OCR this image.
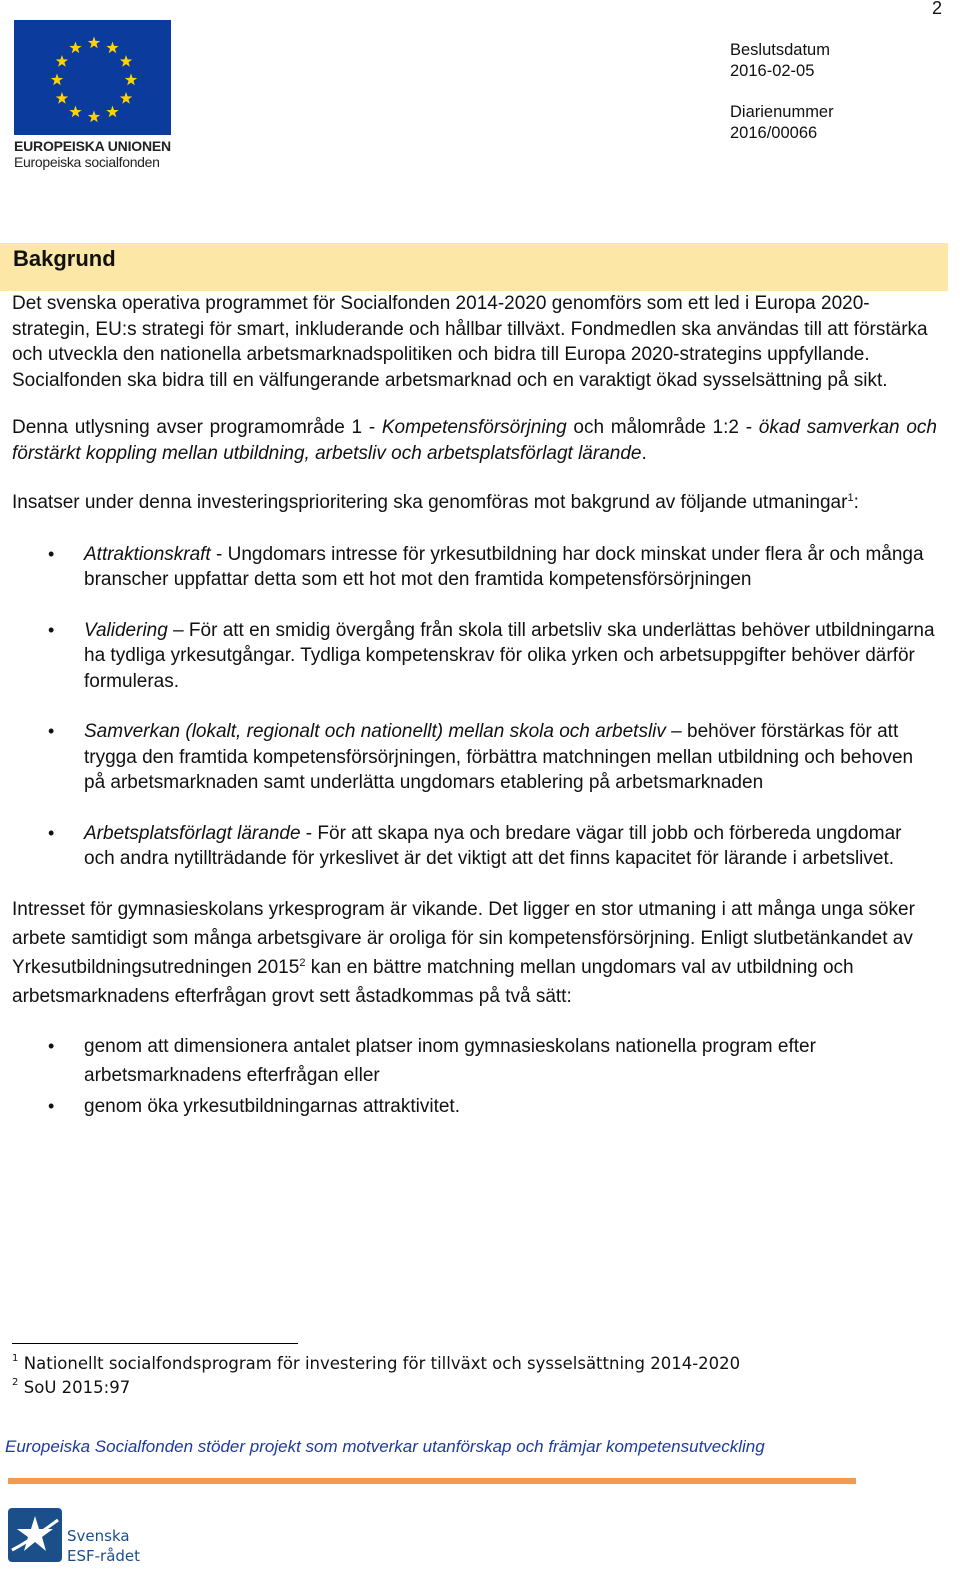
2
EUROPEISKA UNIONEN
Europeiska socialfonden
Beslutsdatum
2016-02-05
Diarienummer
2016/00066
Bakgrund

Det svenska operativa programmet för Socialfonden 2014-2020 genomförs som ett led i Europa 2020- strategin, EU:s strategi för smart, inkluderande och hållbar tillväxt. Fondmedlen ska användas till att förstärka och utveckla den nationella arbetsmarknadspolitiken och bidra till Europa 2020-strategins uppfyllande. Socialfonden ska bidra till en välfungerande arbetsmarknad och en varaktigt ökad sysselsättning på sikt.

Denna utlysning avser programområde 1 - Kompetensförsörjning och målområde 1:2 - ökad samverkan och förstärkt koppling mellan utbildning, arbetsliv och arbetsplatsförlagt lärande.

Insatser under denna investeringsprioritering ska genomföras mot bakgrund av följande utmaningar$^1$:

• Attraktionskraft - Ungdomars intresse för yrkesutbildning har dock minskat under flera år och många branscher uppfattar detta som ett hot mot den framtida kompetensförsörjningen
• Validering – För att en smidig övergång från skola till arbetsliv ska underlättas behöver utbildningarna ha tydliga yrkesutgångar. Tydliga kompetenskrav för olika yrken och arbetsuppgifter behöver därför formuleras.
• Samverkan (lokalt, regionalt och nationellt) mellan skola och arbetsliv – behöver förstärkas för att trygga den framtida kompetensförsörjningen, förbättra matchningen mellan utbildning och behoven på arbetsmarknaden samt underlätta ungdomars etablering på arbetsmarknaden
• Arbetsplatsförlagt lärande - För att skapa nya och bredare vägar till jobb och förbereda ungdomar och andra nytillträdande för yrkeslivet är det viktigt att det finns kapacitet för lärande i arbetslivet.

Intresset för gymnasieskolans yrkesprogram är vikande. Det ligger en stor utmaning i att många unga söker arbete samtidigt som många arbetsgivare är oroliga för sin kompetensförsörjning. Enligt slutbetänkandet av Yrkesutbildningsutredningen 2015$^2$ kan en bättre matchning mellan ungdomars val av utbildning och arbetsmarknadens efterfrågan grovt sett åstadkommas på två sätt:

• genom att dimensionera antalet platser inom gymnasieskolans nationella program efter arbetsmarknadens efterfrågan eller
• genom öka yrkesutbildningarnas attraktivitet.
$^1$ Nationellt socialfondsprogram för investering för tillväxt och sysselsättning 2014-2020
$^2$ SoU 2015:97
Europeiska Socialfonden stöder projekt som motverkar utanförskap och främjar kompetensutveckling
Svenska
ESF-rådet
